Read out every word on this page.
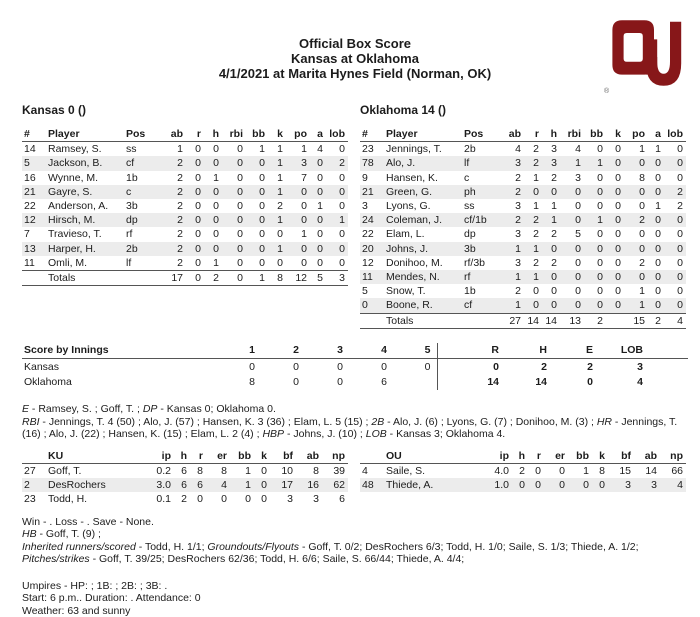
®
Official Box Score
Kansas at Oklahoma
4/1/2021 at Marita Hynes Field (Norman, OK)
Kansas 0 ()
#	Player	Pos	ab	r	h	rbi	bb	k	po	a	lob
14	Ramsey, S.	ss	1	0	0	0	1	1	1	4	0
5	Jackson, B.	cf	2	0	0	0	0	1	3	0	2
16	Wynne, M.	1b	2	0	1	0	0	1	7	0	0
21	Gayre, S.	c	2	0	0	0	0	1	0	0	0
22	Anderson, A.	3b	2	0	0	0	0	2	0	1	0
12	Hirsch, M.	dp	2	0	0	0	0	1	0	0	1
7	Travieso, T.	rf	2	0	0	0	0	0	1	0	0
13	Harper, H.	2b	2	0	0	0	0	1	0	0	0
11	Omli, M.	lf	2	0	1	0	0	0	0	0	0
	Totals		17	0	2	0	1	8	12	5	3
Oklahoma 14 ()
#	Player	Pos	ab	r	h	rbi	bb	k	po	a	lob
23	Jennings, T.	2b	4	2	3	4	0	0	1	1	0
78	Alo, J.	lf	3	2	3	1	1	0	0	0	0
9	Hansen, K.	c	2	1	2	3	0	0	8	0	0
21	Green, G.	ph	2	0	0	0	0	0	0	0	2
3	Lyons, G.	ss	3	1	1	0	0	0	0	1	2
24	Coleman, J.	cf/1b	2	2	1	0	1	0	2	0	0
22	Elam, L.	dp	3	2	2	5	0	0	0	0	0
20	Johns, J.	3b	1	1	0	0	0	0	0	0	0
12	Donihoo, M.	rf/3b	3	2	2	0	0	0	2	0	0
11	Mendes, N.	rf	1	1	0	0	0	0	0	0	0
5	Snow, T.	1b	2	0	0	0	0	0	1	0	0
0	Boone, R.	cf	1	0	0	0	0	0	1	0	0
	Totals		27	14	14	13	2		15	2	4
Score by Innings	1	2	3	4	5		R	H	E	LOB	
Kansas	0	0	0	0	0		0	2	2	3	
Oklahoma	8	0	0	6			14	14	0	4	
E - Ramsey, S. ; Goff, T. ; DP - Kansas 0; Oklahoma 0.
RBI - Jennings, T. 4 (50) ; Alo, J. (57) ; Hansen, K. 3 (36) ; Elam, L. 5 (15) ; 2B - Alo, J. (6) ; Lyons, G. (7) ; Donihoo, M. (3) ; HR - Jennings, T. (16) ; Alo, J. (22) ; Hansen, K. (15) ; Elam, L. 2 (4) ; HBP - Johns, J. (10) ; LOB - Kansas 3; Oklahoma 4.
	KU	ip	h	r	er	bb	k	bf	ab	np
27	Goff, T.	0.2	6	8	8	1	0	10	8	39
2	DesRochers	3.0	6	6	4	1	0	17	16	62
23	Todd, H.	0.1	2	0	0	0	0	3	3	6
	OU	ip	h	r	er	bb	k	bf	ab	np
4	Saile, S.	4.0	2	0	0	1	8	15	14	66
48	Thiede, A.	1.0	0	0	0	0	0	3	3	4
Win - . Loss - . Save - None.
HB - Goff, T. (9) ;
Inherited runners/scored - Todd, H. 1/1; Groundouts/Flyouts - Goff, T. 0/2; DesRochers 6/3; Todd, H. 1/0; Saile, S. 1/3; Thiede, A. 1/2;
Pitches/strikes - Goff, T. 39/25; DesRochers 62/36; Todd, H. 6/6; Saile, S. 66/44; Thiede, A. 4/4;
Umpires - HP: ; 1B: ; 2B: ; 3B: .
Start: 6 p.m.. Duration: . Attendance: 0
Weather: 63 and sunny
